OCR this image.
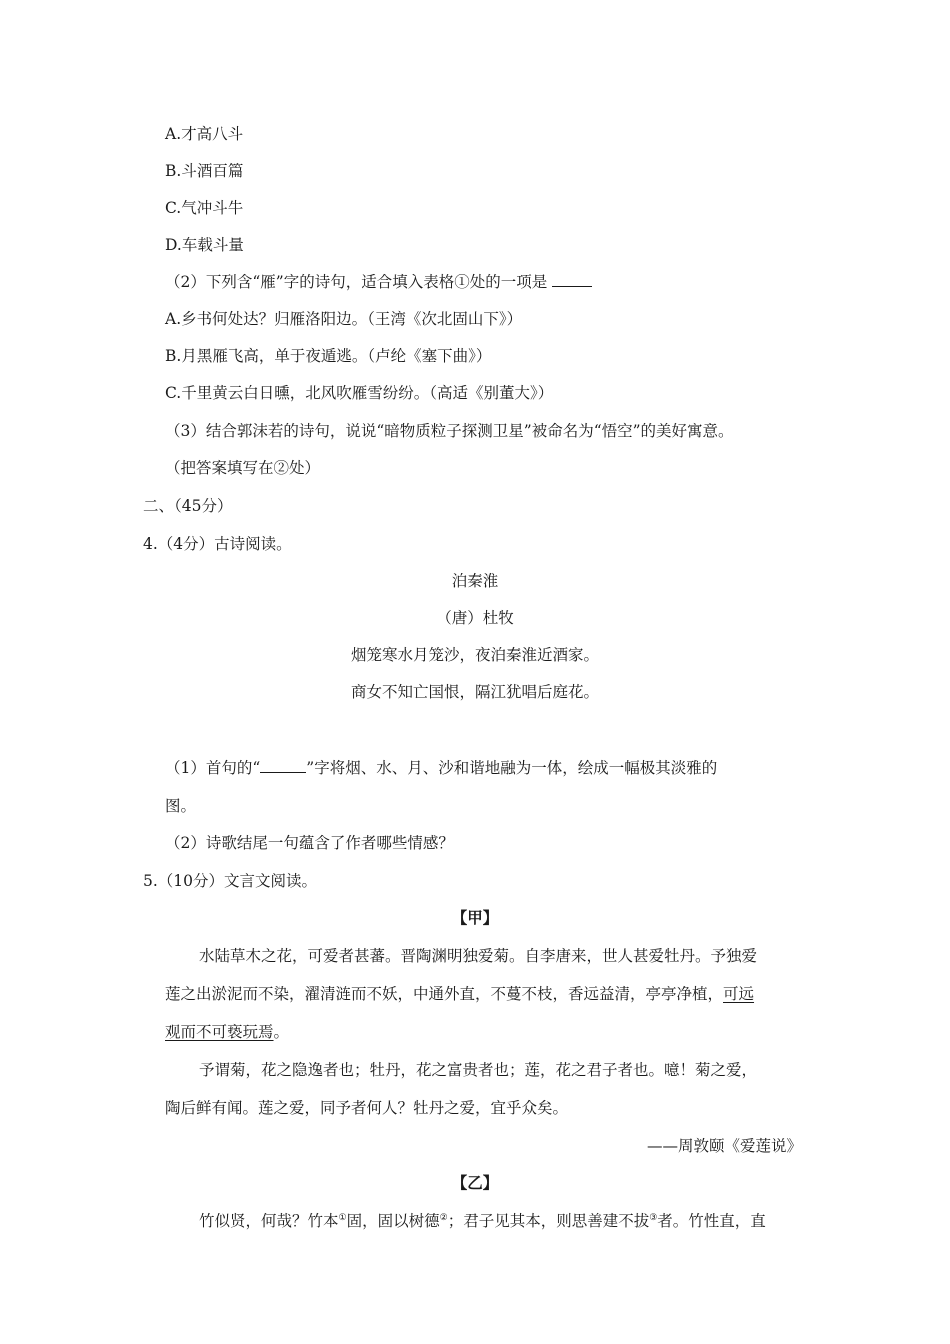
A.才高八斗
B.斗酒百篇
C.气冲斗牛
D.车载斗量
（2）下列含“雁”字的诗句，适合填入表格①处的一项是
A.乡书何处达？归雁洛阳边。（王湾《次北固山下》）
B.月黑雁飞高，单于夜遁逃。（卢纶《塞下曲》）
C.千里黄云白日曛，北风吹雁雪纷纷。（高适《别董大》）
（3）结合郭沫若的诗句，说说“暗物质粒子探测卫星”被命名为“悟空”的美好寓意。
（把答案填写在②处）
二、（45分）
4.（4分）古诗阅读。
泊秦淮
（唐）杜牧
烟笼寒水月笼沙，夜泊秦淮近酒家。
商女不知亡国恨，隔江犹唱后庭花。
（1）首句的“	”字将烟、水、月、沙和谐地融为一体，绘成一幅极其淡雅的
图。
（2）诗歌结尾一句蕴含了作者哪些情感？
5.（10分）文言文阅读。
【甲】
水陆草木之花，可爱者甚蕃。晋陶渊明独爱菊。自李唐来，世人甚爱牡丹。予独爱
莲之出淤泥而不染，濯清涟而不妖，中通外直，不蔓不枝，香远益清，亭亭净植，可远
观而不可亵玩焉。
予谓菊，花之隐逸者也；牡丹，花之富贵者也；莲，花之君子者也。噫！菊之爱，
陶后鲜有闻。莲之爱，同予者何人？牡丹之爱，宜乎众矣。
——周敦颐《爱莲说》
【乙】
竹似贤，何哉？竹本①固，固以树德②；君子见其本，则思善建不拔③者。竹性直，直
